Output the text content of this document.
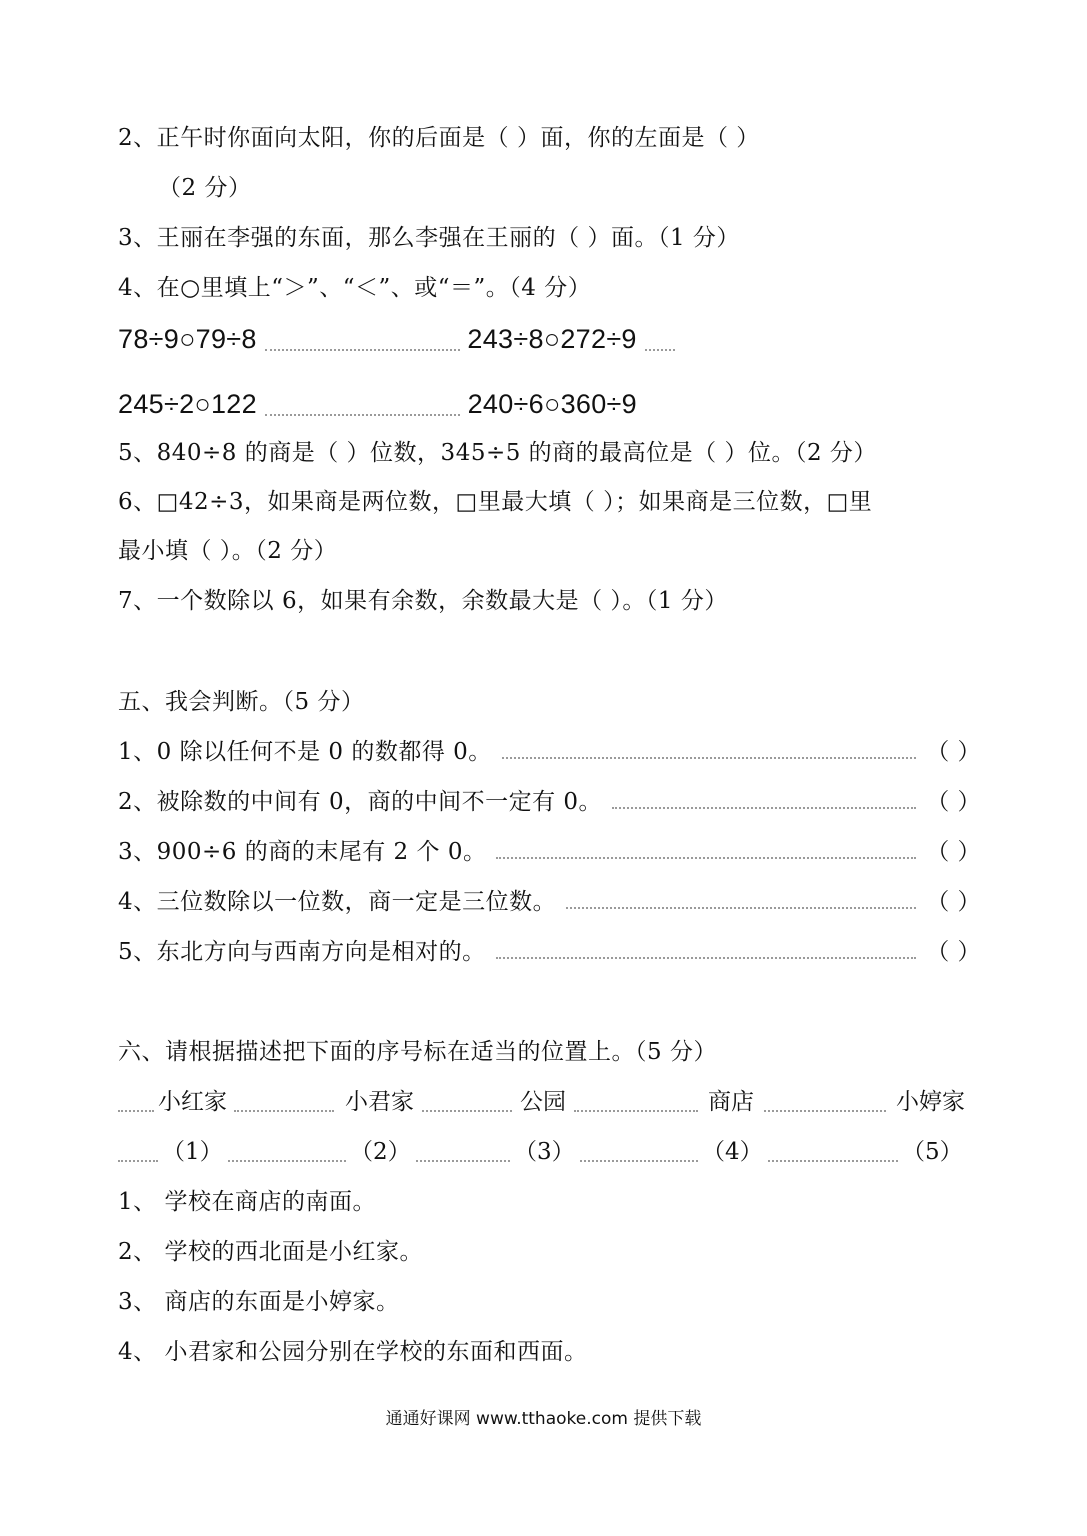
2、正午时你面向太阳，你的后面是（ ）面，你的左面是（ ）
（2 分）
3、王丽在李强的东面，那么李强在王丽的（ ）面。（1 分）
4、在○里填上“＞”、“＜”、或“＝”。（4 分）
78÷9○79÷8	243÷8○272÷9
245÷2○122	240÷6○360÷9
5、840÷8 的商是（ ）位数，345÷5 的商的最高位是（ ）位。（2 分）
6、□42÷3，如果商是两位数，□里最大填（ ）；如果商是三位数，□里
最小填（ ）。（2 分）
7、一个数除以 6，如果有余数，余数最大是（ ）。（1 分）
五、我会判断。（5 分）
1、0 除以任何不是 0 的数都得 0。	（ ）
2、被除数的中间有 0，商的中间不一定有 0。	（ ）
3、900÷6 的商的末尾有 2 个 0。	（ ）
4、三位数除以一位数，商一定是三位数。	（ ）
5、东北方向与西南方向是相对的。	（ ）
六、请根据描述把下面的序号标在适当的位置上。（5 分）
小红家	小君家	公园	商店	小婷家
（1）	（2）	（3）	（4）	（5）
1、 学校在商店的南面。
2、 学校的西北面是小红家。
3、 商店的东面是小婷家。
4、 小君家和公园分别在学校的东面和西面。
通通好课网 www.tthaoke.com 提供下载
